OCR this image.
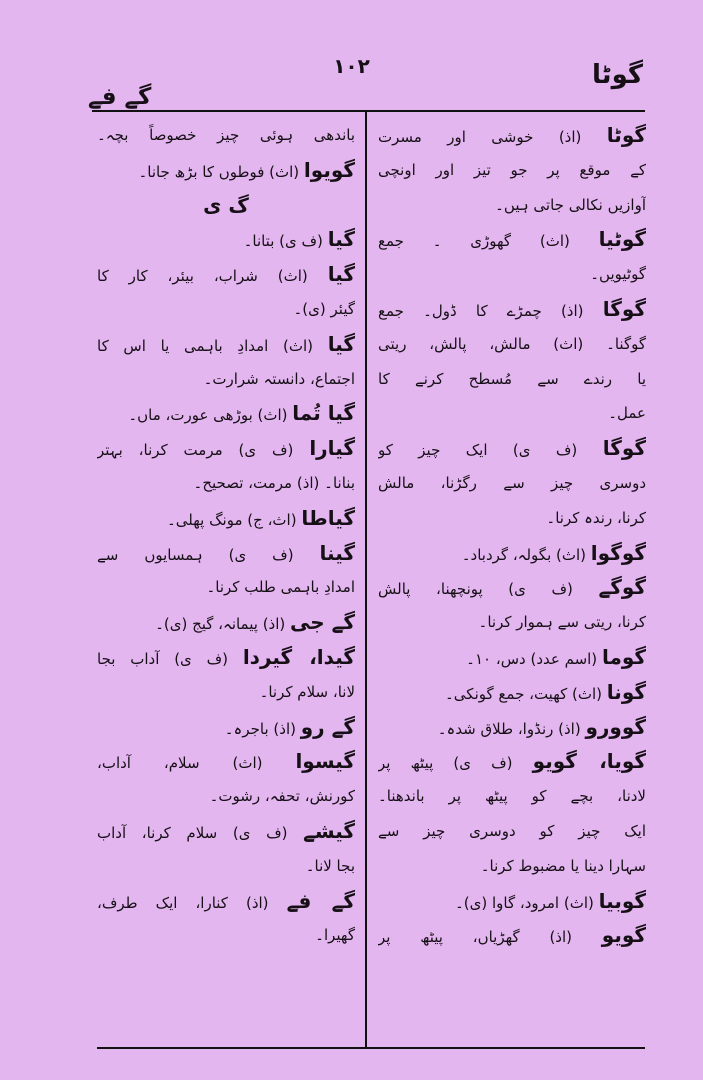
گوٹا
۱۰۲
گے فے
گوٹا (اذ) خوشی اور مسرت
کے موقع پر جو تیز اور اونچی
آوازیں نکالی جاتی ہیں۔
گوٹیا (اث) گھوڑی ۔ جمع
گوٹیویں۔
گوگا (اذ) چمڑے کا ڈول۔ جمع
گوگنا۔ (اث) مالش، پالش، ریتی
یا رندے سے مُسطح کرنے کا
عمل۔
گوگا (ف ی) ایک چیز کو
دوسری چیز سے رگڑنا، مالش
کرنا، رندہ کرنا۔
گوگوا (اث) بگولہ، گردباد۔
گوگے (ف ی) پونچھنا، پالش
کرنا، ریتی سے ہموار کرنا۔
گوما (اسم عدد) دس، ۱۰۔
گونا (اث) کھیت، جمع گونکی۔
گوورو (اذ) رنڈوا، طلاق شدہ۔
گویا، گویو (ف ی) پیٹھ پر
لادنا، بچے کو پیٹھ پر باندھنا۔
ایک چیز کو دوسری چیز سے
سہارا دینا یا مضبوط کرنا۔
گوبیا (اث) امرود، گاوا (ی)۔
گویو (اذ) گھڑیاں، پیٹھ پر
باندھی ہوئی چیز خصوصاً بچہ۔
گویوا (اث) فوطوں کا بڑھ جانا۔
گ ی
گیا (ف ی) بتانا۔
گیا (اث) شراب، بیئر، کار کا
گیئر (ی)۔
گیا (اث) امدادِ باہمی یا اس کا
اجتماع، دانستہ شرارت۔
گیا تُما (اث) بوڑھی عورت، ماں۔
گیارا (ف ی) مرمت کرنا، بہتر
بنانا۔ (اذ) مرمت، تصحیح۔
گیاطا (اث، ج) مونگ پھلی۔
گینا (ف ی) ہمسایوں سے
امدادِ باہمی طلب کرنا۔
گے جی (اذ) پیمانہ، گیج (ی)۔
گیدا، گیردا (ف ی) آداب بجا
لانا، سلام کرنا۔
گے رو (اذ) باجرہ۔
گیسوا (اث) سلام، آداب،
کورنش، تحفہ، رشوت۔
گیشے (ف ی) سلام کرنا، آداب
بجا لانا۔
گے فے (اذ) کنارا، ایک طرف،
گھیرا۔
